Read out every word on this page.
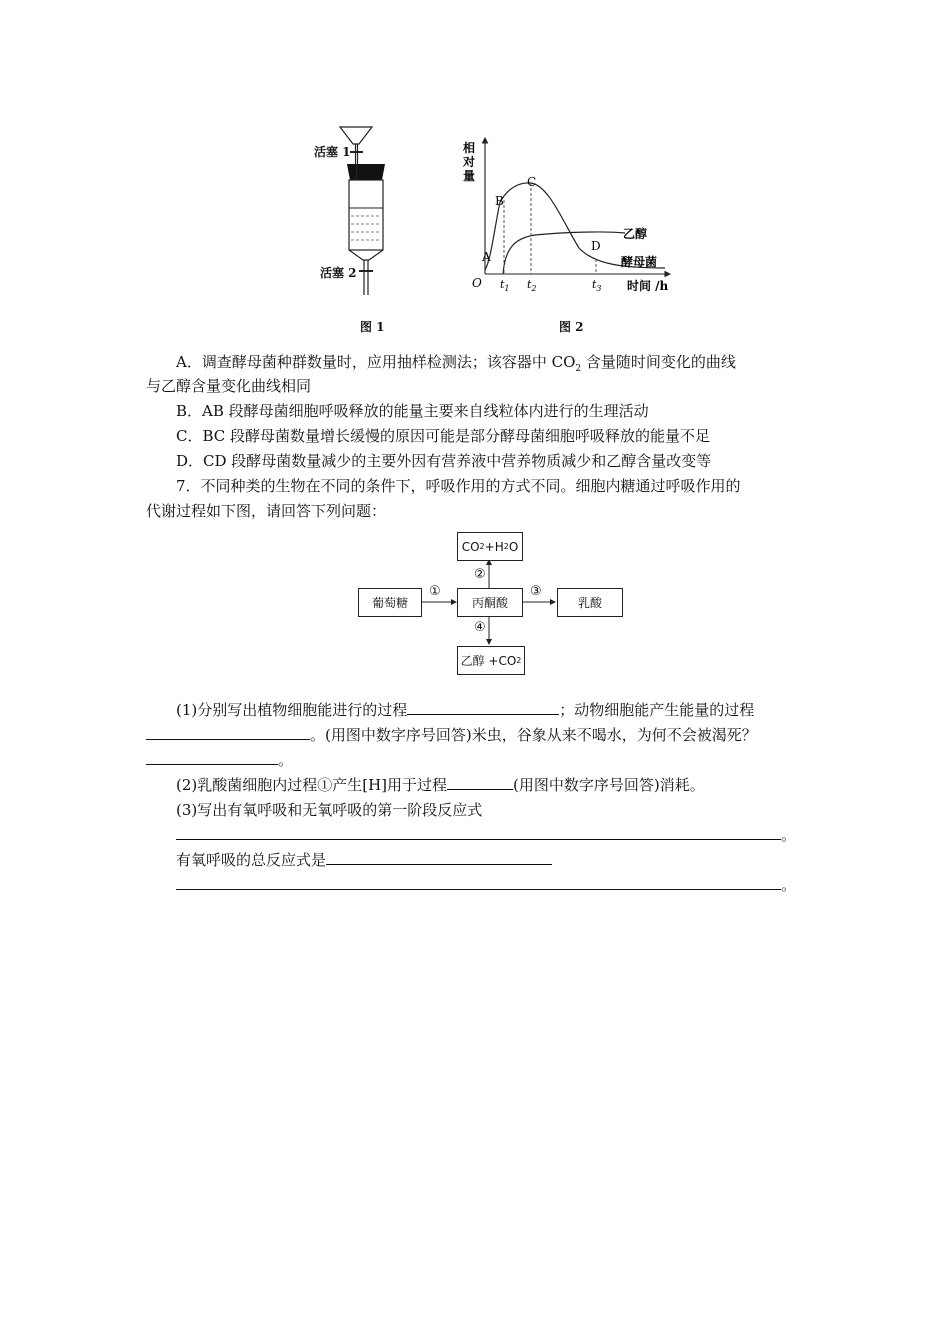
活塞 1
活塞 2
图 1
相
对
量
A
B
C
D
O $t_1$ $t_2$	$t_3$
乙醇
酵母菌
时间 /h
图 2
A．调查酵母菌种群数量时，应用抽样检测法；该容器中 $CO_2$ 含量随时间变化的曲线
与乙醇含量变化曲线相同
B．AB 段酵母菌细胞呼吸释放的能量主要来自线粒体内进行的生理活动
C．BC 段酵母菌数量增长缓慢的原因可能是部分酵母菌细胞呼吸释放的能量不足
D．CD 段酵母菌数量减少的主要外因有营养液中营养物质减少和乙醇含量改变等
7．不同种类的生物在不同的条件下，呼吸作用的方式不同。细胞内糖通过呼吸作用的
代谢过程如下图，请回答下列问题：
CO 2 +H 2 O
葡萄糖	丙酮酸	乳酸
乙醇 +CO 2
①
②
③
④
(1)分别写出植物细胞能进行的过程	；动物细胞能产生能量的过程
。(用图中数字序号回答)米虫，谷象从来不喝水，为何不会被渴死？
。
(2)乳酸菌细胞内过程①产生[H]用于过程	(用图中数字序号回答)消耗。
(3)写出有氧呼吸和无氧呼吸的第一阶段反应式
。
有氧呼吸的总反应式是
。
